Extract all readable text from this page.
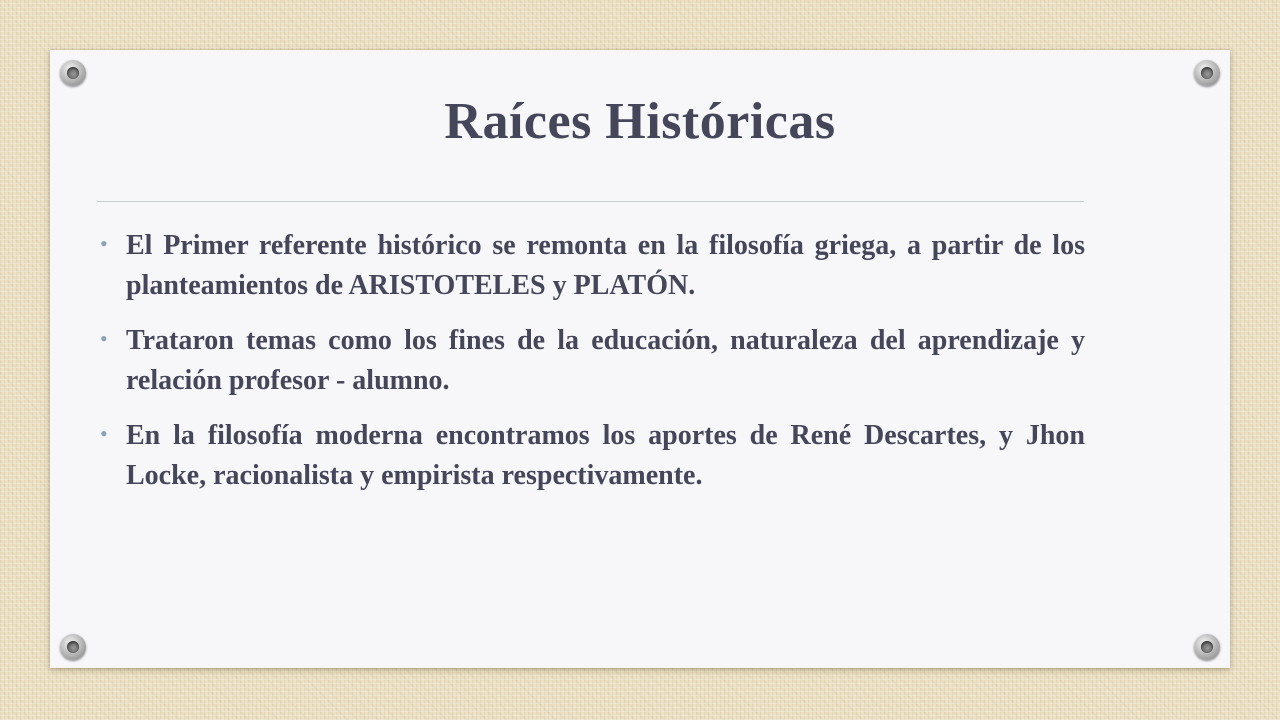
Raíces Históricas
• El Primer referente histórico se remonta en la filosofía griega, a partir de los planteamientos de ARISTOTELES y PLATÓN.
• Trataron temas como los fines de la educación, naturaleza del aprendizaje y relación profesor - alumno.
• En la filosofía moderna encontramos los aportes de René Descartes, y Jhon Locke, racionalista y empirista respectivamente.
